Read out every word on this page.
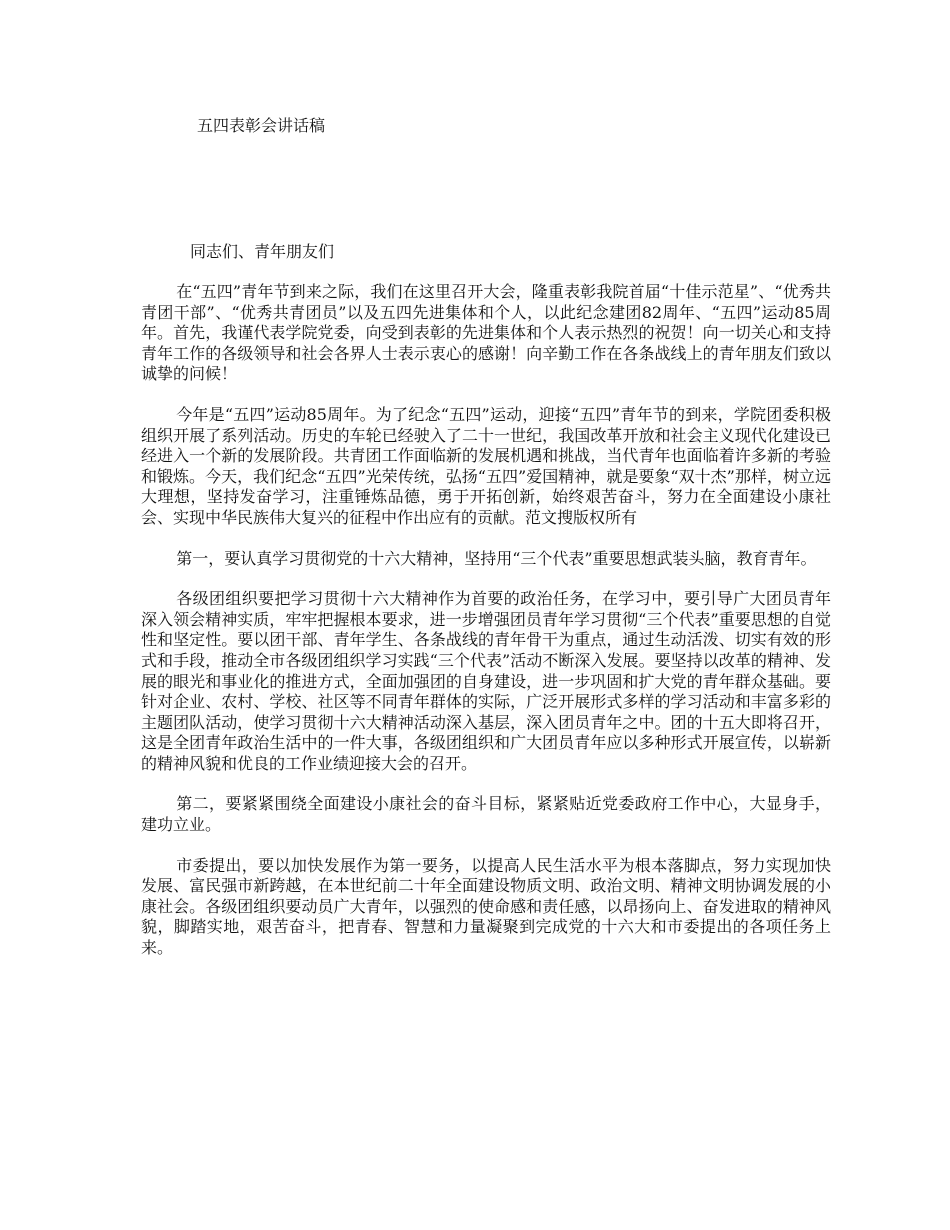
五四表彰会讲话稿
同志们、青年朋友们

在“五四”青年节到来之际，我们在这里召开大会，隆重表彰我院首届“十佳示范星”、“优秀共青团干部”、“优秀共青团员”以及五四先进集体和个人，以此纪念建团82周年、“五四”运动85周年。首先，我谨代表学院党委，向受到表彰的先进集体和个人表示热烈的祝贺！向一切关心和支持青年工作的各级领导和社会各界人士表示衷心的感谢！向辛勤工作在各条战线上的青年朋友们致以诚挚的问候！

今年是“五四”运动85周年。为了纪念“五四”运动，迎接“五四”青年节的到来，学院团委积极组织开展了系列活动。历史的车轮已经驶入了二十一世纪，我国改革开放和社会主义现代化建设已经进入一个新的发展阶段。共青团工作面临新的发展机遇和挑战，当代青年也面临着许多新的考验和锻炼。今天，我们纪念“五四”光荣传统，弘扬“五四”爱国精神，就是要象“双十杰”那样，树立远大理想，坚持发奋学习，注重锤炼品德，勇于开拓创新，始终艰苦奋斗，努力在全面建设小康社会、实现中华民族伟大复兴的征程中作出应有的贡献。范文搜版权所有

第一，要认真学习贯彻党的十六大精神，坚持用“三个代表”重要思想武装头脑，教育青年。

各级团组织要把学习贯彻十六大精神作为首要的政治任务，在学习中，要引导广大团员青年深入领会精神实质，牢牢把握根本要求，进一步增强团员青年学习贯彻“三个代表”重要思想的自觉性和坚定性。要以团干部、青年学生、各条战线的青年骨干为重点，通过生动活泼、切实有效的形式和手段，推动全市各级团组织学习实践“三个代表”活动不断深入发展。要坚持以改革的精神、发展的眼光和事业化的推进方式，全面加强团的自身建设，进一步巩固和扩大党的青年群众基础。要针对企业、农村、学校、社区等不同青年群体的实际，广泛开展形式多样的学习活动和丰富多彩的主题团队活动，使学习贯彻十六大精神活动深入基层，深入团员青年之中。团的十五大即将召开，这是全团青年政治生活中的一件大事，各级团组织和广大团员青年应以多种形式开展宣传，以崭新的精神风貌和优良的工作业绩迎接大会的召开。

第二，要紧紧围绕全面建设小康社会的奋斗目标，紧紧贴近党委政府工作中心，大显身手，建功立业。

市委提出，要以加快发展作为第一要务，以提高人民生活水平为根本落脚点，努力实现加快发展、富民强市新跨越，在本世纪前二十年全面建设物质文明、政治文明、精神文明协调发展的小康社会。各级团组织要动员广大青年，以强烈的使命感和责任感，以昂扬向上、奋发进取的精神风貌，脚踏实地，艰苦奋斗，把青春、智慧和力量凝聚到完成党的十六大和市委提出的各项任务上来。
